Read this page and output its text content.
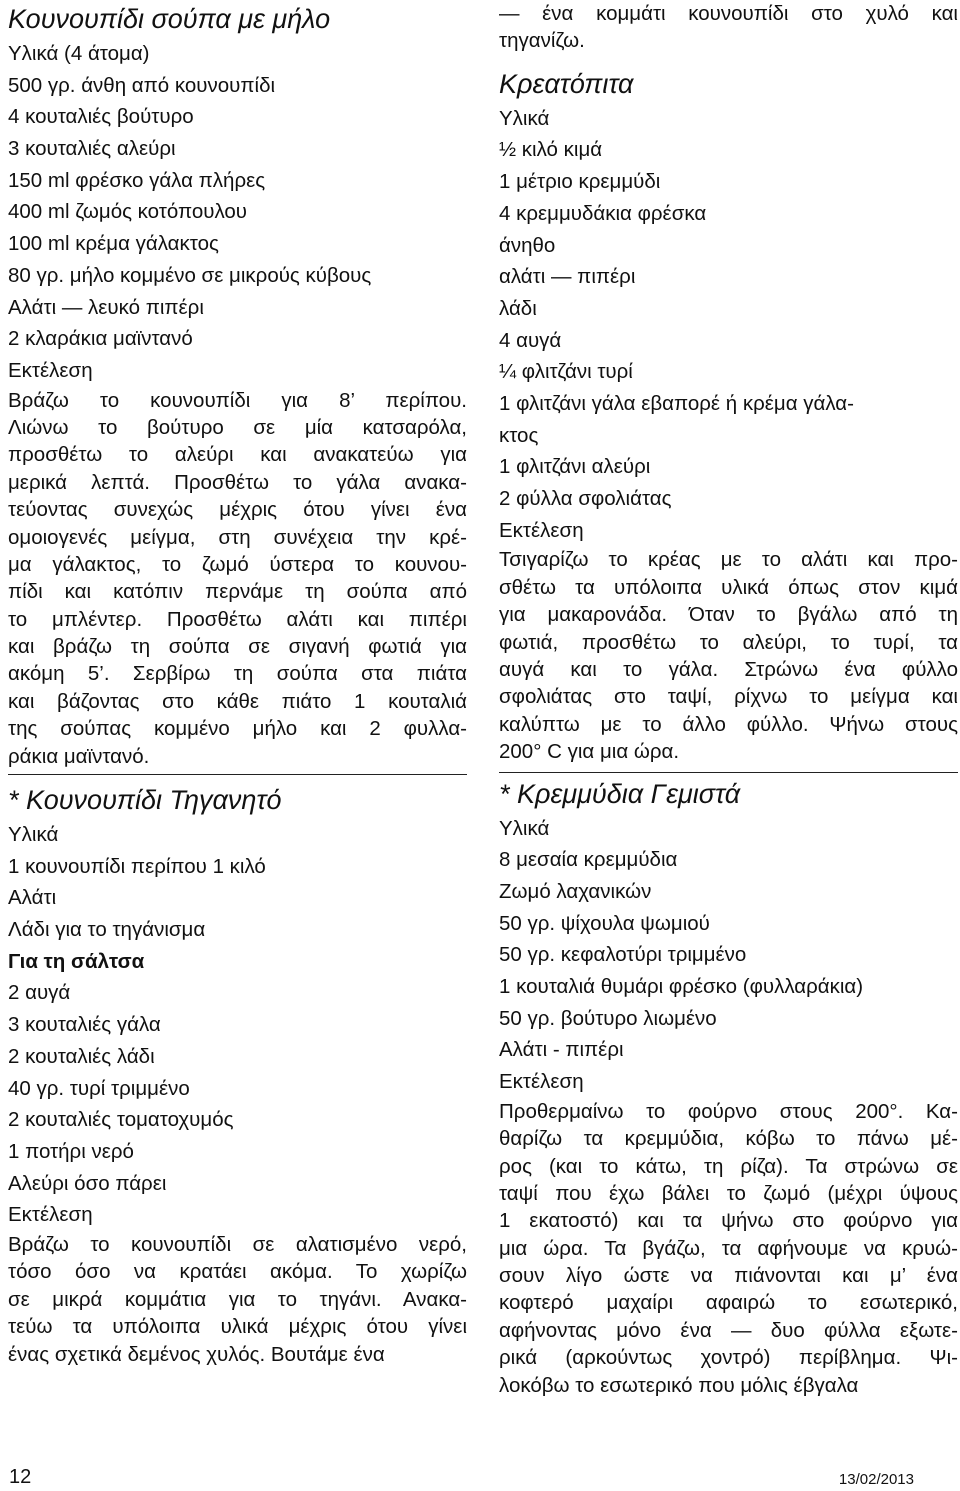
Κουνουπίδι σούπα με μήλο
Υλικά (4 άτομα)
500 γρ. άνθη από κουνουπίδι
4 κουταλιές βούτυρο
3 κουταλιές αλεύρι
150 ml φρέσκο γάλα πλήρες
400 ml ζωμός κοτόπουλου
100 ml κρέμα γάλακτος
80 γρ. μήλο κομμένο σε μικρούς κύβους
Αλάτι — λευκό πιπέρι
2 κλαράκια μαϊντανό
Εκτέλεση
Βράζω το κουνουπίδι για 8’ περίπου.
Λιώνω το βούτυρο σε μία κατσαρόλα,
προσθέτω το αλεύρι και ανακατεύω για
μερικά λεπτά. Προσθέτω το γάλα ανακα-
τεύοντας συνεχώς μέχρις ότου γίνει ένα
ομοιογενές μείγμα, στη συνέχεια την κρέ-
μα γάλακτος, το ζωμό ύστερα το κουνου-
πίδι και κατόπιν περνάμε τη σούπα από
το μπλέντερ. Προσθέτω αλάτι και πιπέρι
και βράζω τη σούπα σε σιγανή φωτιά για
ακόμη 5’. Σερβίρω τη σούπα στα πιάτα
και βάζοντας στο κάθε πιάτο 1 κουταλιά
της σούπας κομμένο μήλο και 2 φυλλα-
ράκια μαϊντανό.
* Κουνουπίδι Τηγανητό
Υλικά
1 κουνουπίδι περίπου 1 κιλό
Αλάτι
Λάδι για το τηγάνισμα
Για τη σάλτσα
2 αυγά
3 κουταλιές γάλα
2 κουταλιές λάδι
40 γρ. τυρί τριμμένο
2 κουταλιές τοματοχυμός
1 ποτήρι νερό
Αλεύρι όσο πάρει
Εκτέλεση
Βράζω το κουνουπίδι σε αλατισμένο νερό,
τόσο όσο να κρατάει ακόμα. Το χωρίζω
σε μικρά κομμάτια για το τηγάνι. Ανακα-
τεύω τα υπόλοιπα υλικά μέχρις ότου γίνει
ένας σχετικά δεμένος χυλός. Βουτάμε ένα
— ένα κομμάτι κουνουπίδι στο χυλό και
τηγανίζω.
Κρεατόπιτα
Υλικά
½ κιλό κιμά
1 μέτριο κρεμμύδι
4 κρεμμυδάκια φρέσκα
άνηθο
αλάτι — πιπέρι
λάδι
4 αυγά
¼ φλιτζάνι τυρί
1 φλιτζάνι γάλα εβαπορέ ή κρέμα γάλα-
κτος
1 φλιτζάνι αλεύρι
2 φύλλα σφολιάτας
Εκτέλεση
Τσιγαρίζω το κρέας με το αλάτι και προ-
σθέτω τα υπόλοιπα υλικά όπως στον κιμά
για μακαρονάδα. Όταν το βγάλω από τη
φωτιά, προσθέτω το αλεύρι, το τυρί, τα
αυγά και το γάλα. Στρώνω ένα φύλλο
σφολιάτας στο ταψί, ρίχνω το μείγμα και
καλύπτω με το άλλο φύλλο. Ψήνω στους
200° C για μια ώρα.
* Κρεμμύδια Γεμιστά
Υλικά
8 μεσαία κρεμμύδια
Ζωμό λαχανικών
50 γρ. ψίχουλα ψωμιού
50 γρ. κεφαλοτύρι τριμμένο
1 κουταλιά θυμάρι φρέσκο (φυλλαράκια)
50 γρ. βούτυρο λιωμένο
Αλάτι - πιπέρι
Εκτέλεση
Προθερμαίνω το φούρνο στους 200°. Κα-
θαρίζω τα κρεμμύδια, κόβω το πάνω μέ-
ρος (και το κάτω, τη ρίζα). Τα στρώνω σε
ταψί που έχω βάλει το ζωμό (μέχρι ύψους
1 εκατοστό) και τα ψήνω στο φούρνο για
μια ώρα. Τα βγάζω, τα αφήνουμε να κρυώ-
σουν λίγο ώστε να πιάνονται και μ’ ένα
κοφτερό μαχαίρι αφαιρώ το εσωτερικό,
αφήνοντας μόνο ένα — δυο φύλλα εξωτε-
ρικά (αρκούντως χοντρό) περίβλημα. Ψι-
λοκόβω το εσωτερικό που μόλις έβγαλα
12	13/02/2013
